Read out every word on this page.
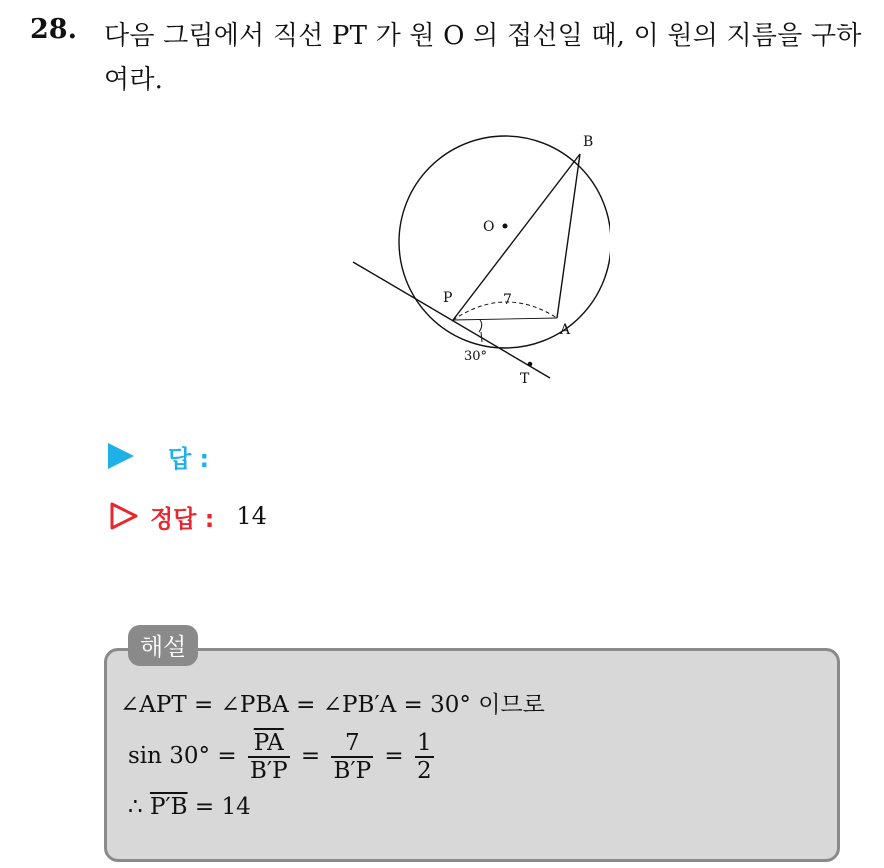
28. 다음 그림에서 직선 PT 가 원 O 의 접선일 때, 이 원의 지름을 구하
여라.
B
O
P	7
A
30°
T
답 :
정답 : 14
해설
∠APT = ∠PBA = ∠PB′A = 30° 이므로
$\sin 30^\circ = \frac{\overline{PA}}{B'P} = \frac{7}{B'P} = \frac{1}{2}$
∴ P′B = 14
